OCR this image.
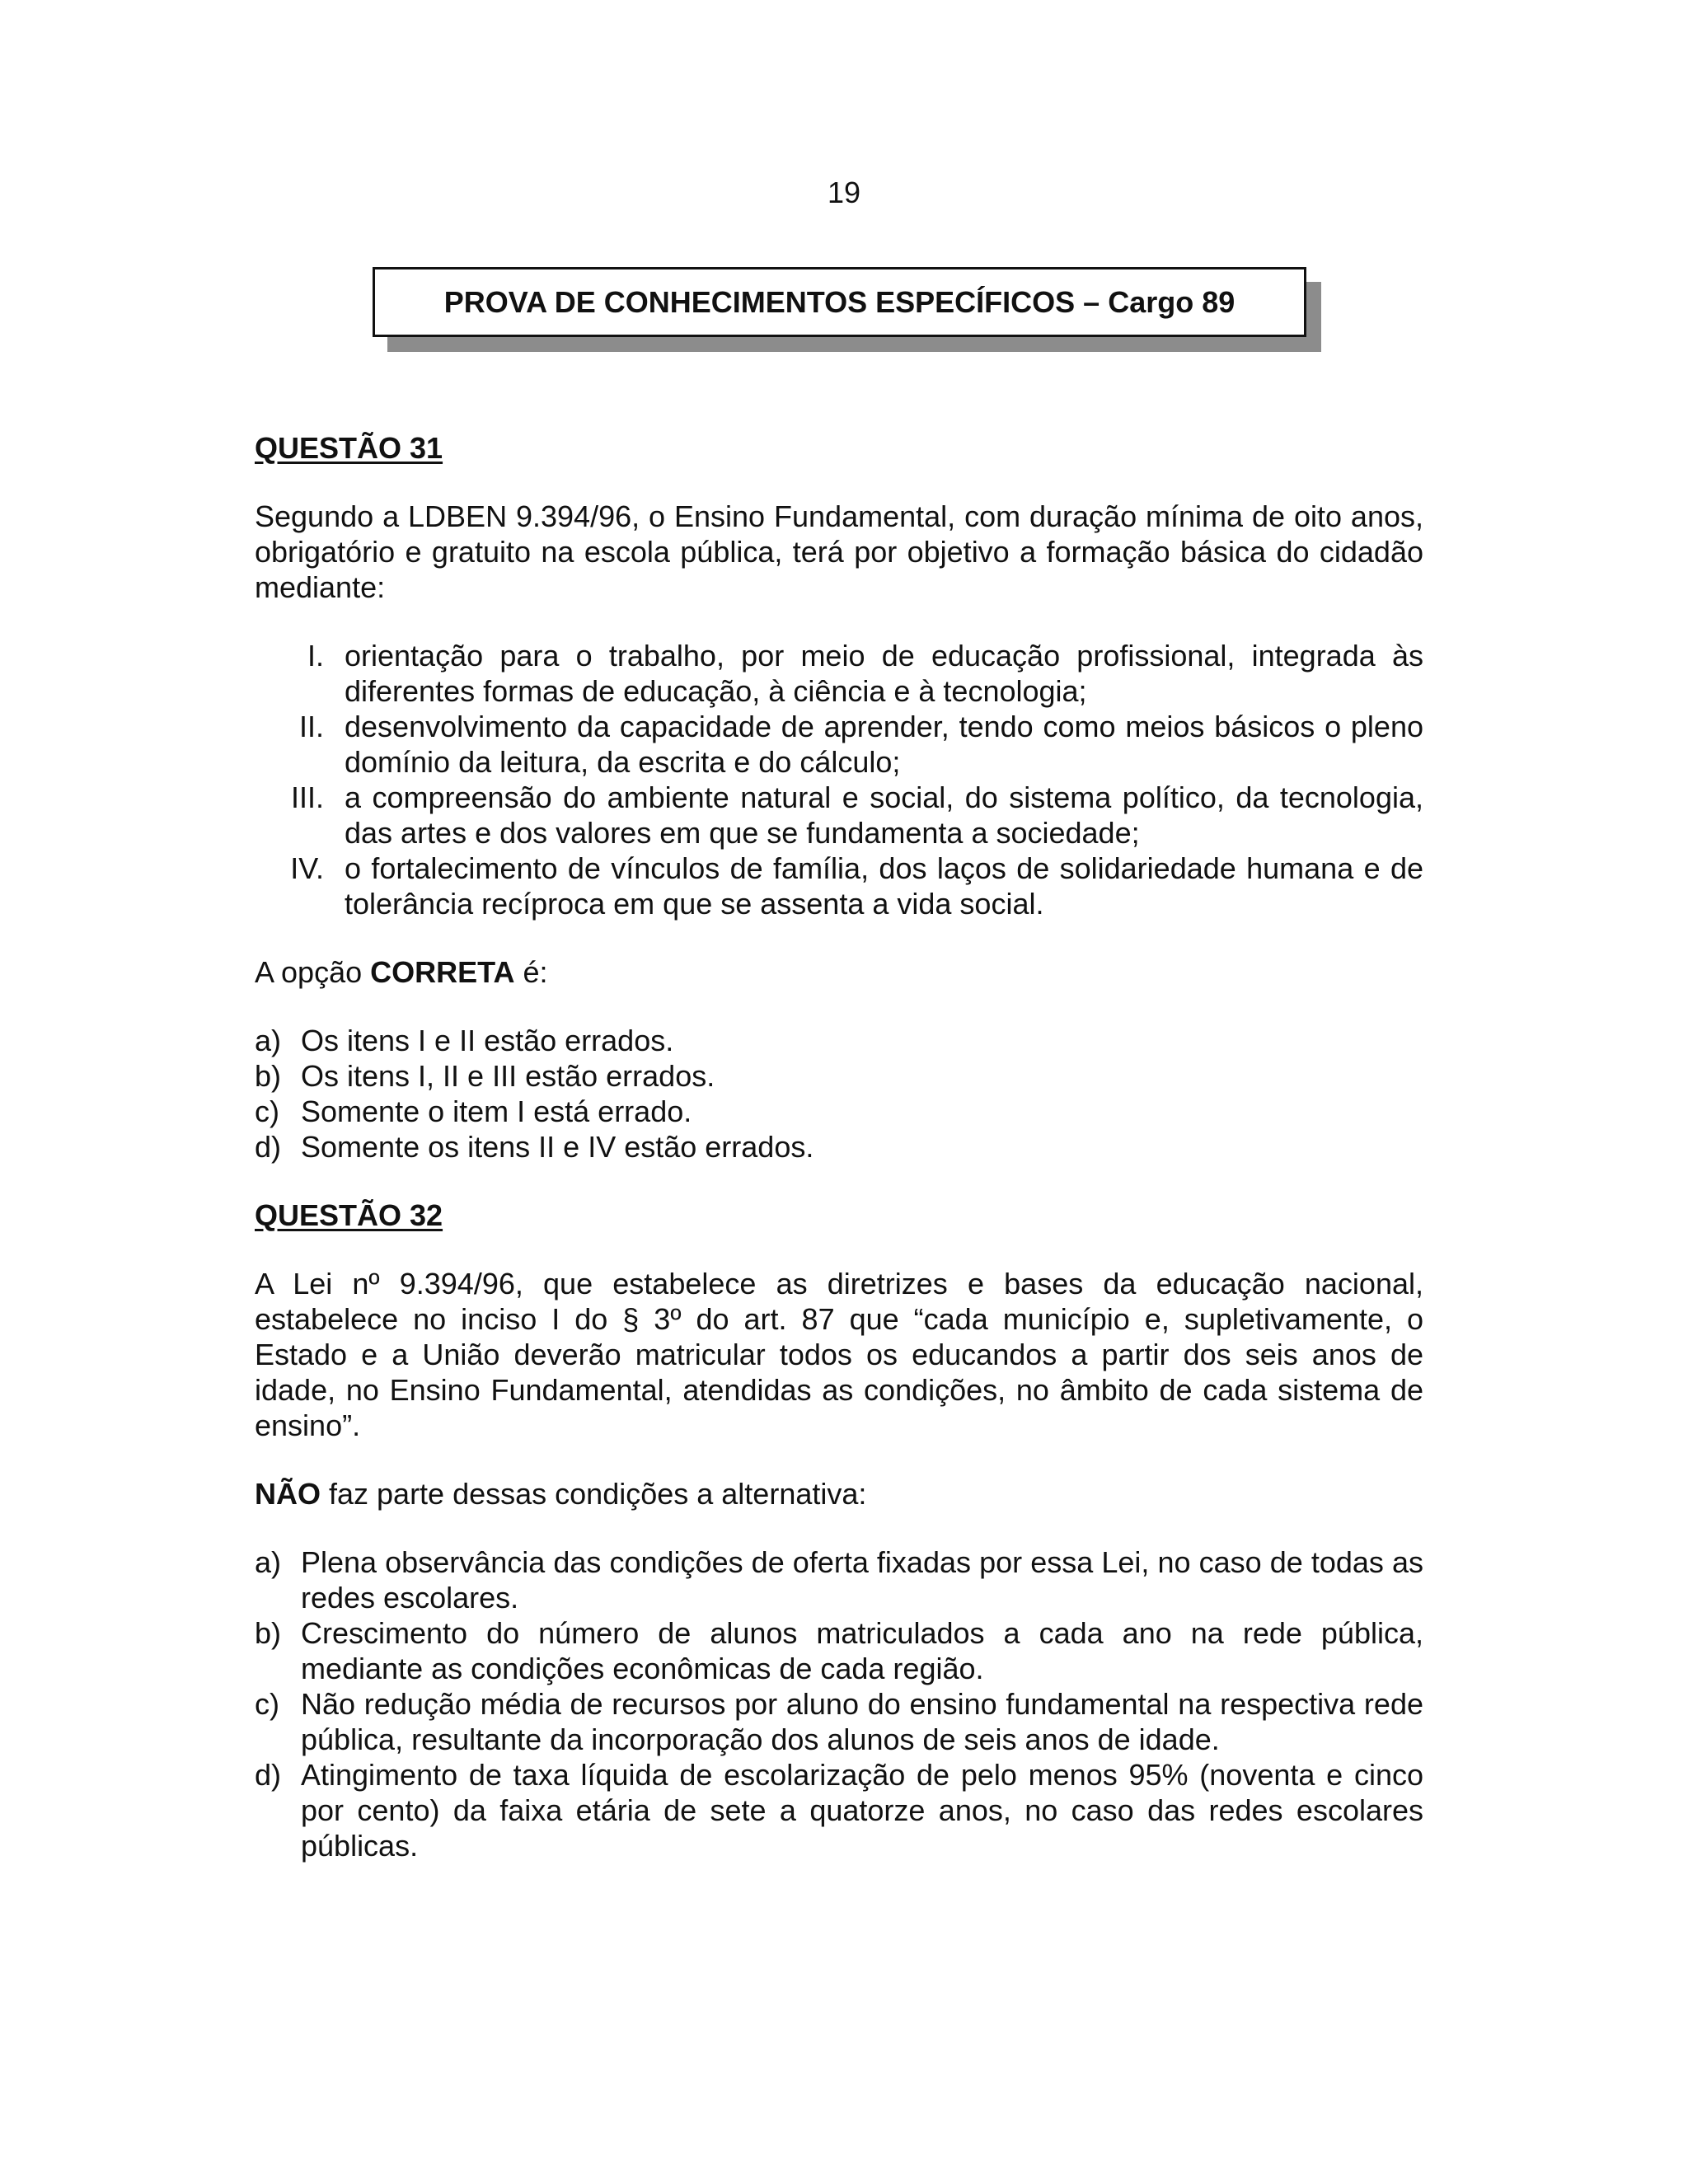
19
PROVA DE CONHECIMENTOS ESPECÍFICOS – Cargo 89
QUESTÃO 31
Segundo a LDBEN 9.394/96, o Ensino Fundamental, com duração mínima de oito anos, obrigatório e gratuito na escola pública, terá por objetivo a formação básica do cidadão mediante:
I. orientação para o trabalho, por meio de educação profissional, integrada às diferentes formas de educação, à ciência e à tecnologia;
II. desenvolvimento da capacidade de aprender, tendo como meios básicos o pleno domínio da leitura, da escrita e do cálculo;
III. a compreensão do ambiente natural e social, do sistema político, da tecnologia, das artes e dos valores em que se fundamenta a sociedade;
IV. o fortalecimento de vínculos de família, dos laços de solidariedade humana e de tolerância recíproca em que se assenta a vida social.
A opção CORRETA é:
a) Os itens I e II estão errados.
b) Os itens I, II e III estão errados.
c) Somente o item I está errado.
d) Somente os itens II e IV estão errados.
QUESTÃO 32
A Lei nº 9.394/96, que estabelece as diretrizes e bases da educação nacional, estabelece no inciso I do § 3º do art. 87 que “cada município e, supletivamente, o Estado e a União deverão matricular todos os educandos a partir dos seis anos de idade, no Ensino Fundamental, atendidas as condições, no âmbito de cada sistema de ensino”.
NÃO faz parte dessas condições a alternativa:
a) Plena observância das condições de oferta fixadas por essa Lei, no caso de todas as redes escolares.
b) Crescimento do número de alunos matriculados a cada ano na rede pública, mediante as condições econômicas de cada região.
c) Não redução média de recursos por aluno do ensino fundamental na respectiva rede pública, resultante da incorporação dos alunos de seis anos de idade.
d) Atingimento de taxa líquida de escolarização de pelo menos 95% (noventa e cinco por cento) da faixa etária de sete a quatorze anos, no caso das redes escolares públicas.
